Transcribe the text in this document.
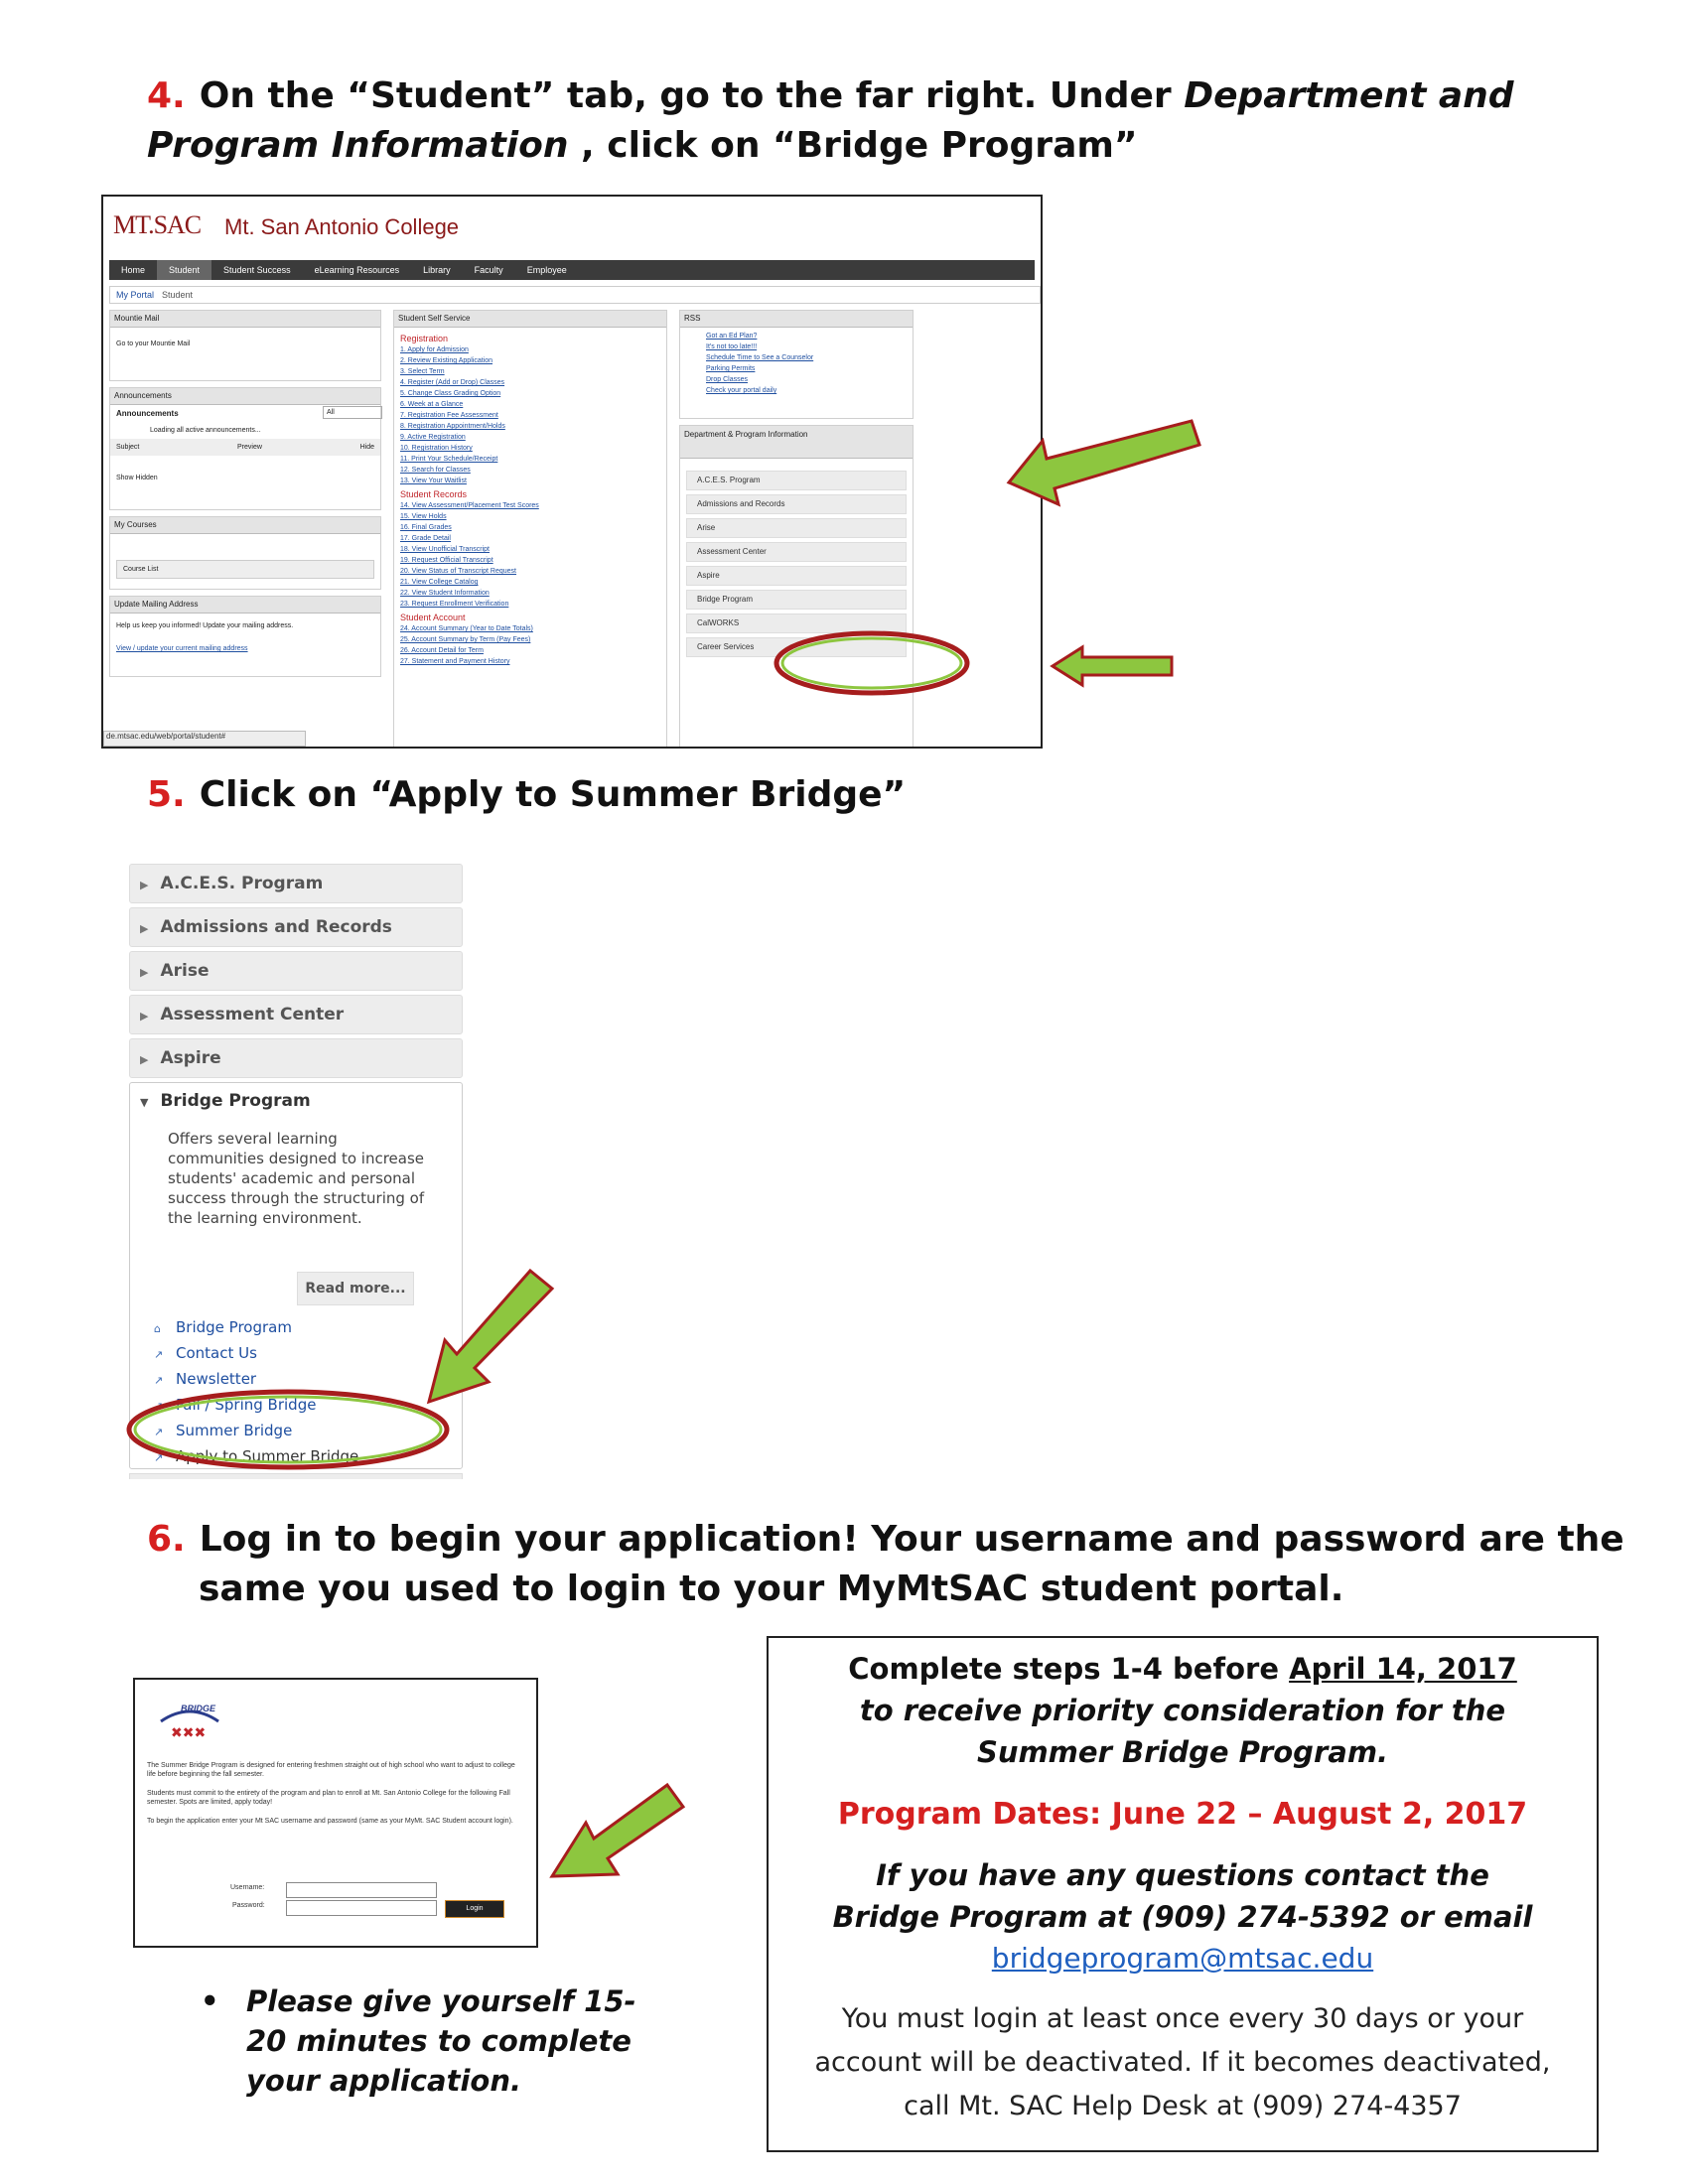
4. On the “Student” tab, go to the far right. Under Department and Program Information , click on “Bridge Program”
MT.SAC Mt. San Antonio College
Home	Student	Student Success	eLearning Resources	Library	Faculty	Employee
My Portal Student
Mountie Mail
Go to your Mountie Mail
Announcements
Announcements	All
Loading all active announcements...
Subject	Preview	Hide
Show Hidden
My Courses
Course List
Update Mailing Address
Help us keep you informed! Update your mailing address.
View / update your current mailing address
de.mtsac.edu/web/portal/student#
Student Self Service
Registration
1. Apply for Admission
2. Review Existing Application
3. Select Term
4. Register (Add or Drop) Classes
5. Change Class Grading Option
6. Week at a Glance
7. Registration Fee Assessment
8. Registration Appointment/Holds
9. Active Registration
10. Registration History
11. Print Your Schedule/Receipt
12. Search for Classes
13. View Your Waitlist
Student Records
14. View Assessment/Placement Test Scores
15. View Holds
16. Final Grades
17. Grade Detail
18. View Unofficial Transcript
19. Request Official Transcript
20. View Status of Transcript Request
21. View College Catalog
22. View Student Information
23. Request Enrollment Verification
Student Account
24. Account Summary (Year to Date Totals)
25. Account Summary by Term (Pay Fees)
26. Account Detail for Term
27. Statement and Payment History
RSS
Got an Ed Plan?
It's not too late!!!
Schedule Time to See a Counselor
Parking Permits
Drop Classes
Check your portal daily
Department & Program Information
A.C.E.S. Program
Admissions and Records
Arise
Assessment Center
Aspire
Bridge Program
CalWORKS
Career Services
5. Click on “Apply to Summer Bridge”
▶ A.C.E.S. Program
▶ Admissions and Records
▶ Arise
▶ Assessment Center
▶ Aspire
▼ Bridge Program
Offers several learning communities designed to increase students' academic and personal success through the structuring of the learning environment.
Read more...
⌂ Bridge Program
↗ Contact Us
↗ Newsletter
↗ Fall / Spring Bridge
↗ Summer Bridge
↗ Apply to Summer Bridge
6. Log in to begin your application! Your username and password are the
same you used to login to your MyMtSAC student portal.
✖✖✖
BRIDGE
The Summer Bridge Program is designed for entering freshmen straight out of high school who want to adjust to college life before beginning the fall semester.
Students must commit to the entirety of the program and plan to enroll at Mt. San Antonio College for the following Fall semester. Spots are limited, apply today!
To begin the application enter your Mt SAC username and password (same as your MyMt. SAC Student account login).
Username:
Password:	Login
Complete steps 1-4 before April 14, 2017
to receive priority consideration for the
Summer Bridge Program.
Program Dates: June 22 – August 2, 2017
If you have any questions contact the
Bridge Program at (909) 274-5392 or email
bridgeprogram@mtsac.edu
You must login at least once every 30 days or your
account will be deactivated. If it becomes deactivated,
call Mt. SAC Help Desk at (909) 274-4357
• Please give yourself 15-20 minutes to complete your application.
